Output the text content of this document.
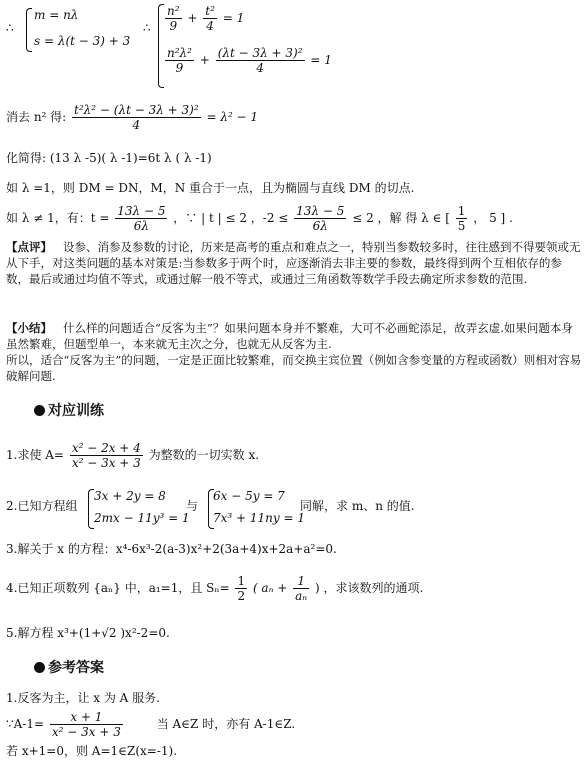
∴
m = nλ
s = λ(t − 3) + 3
∴ $\frac{\text{n²}}{9} + \frac{\text{t²}}{4} = 1$
$\frac{\text{n²λ²}}{9} + \frac{\text{(λt − 3λ + 3)²}}{4} = 1$
消去 n² 得: $\frac{\text{t²λ² − (λt − 3λ + 3)²}}{4} = \lambda^2 - 1$
化简得: (13 λ -5)( λ -1)=6t λ ( λ -1)
如 λ =1，则 DM = DN，M，N 重合于一点，且为椭圆与直线 DM 的切点.
如 λ ≠ 1，有：$t = \frac{13\lambda - 5}{6\lambda}$ ，∵ | t | ≤ 2 ，$-2 \le \frac{13\lambda - 5}{6\lambda} \le 2$ ，解 得 λ ∈ [ $\frac{1}{5}$ ， 5 ] .
【点评】 设参、消参及参数的讨论，历来是高考的重点和难点之一，特别当参数较多时，往往感到不得要领或无从下手，对这类问题的基本对策是:当参数多于两个时，应逐渐消去非主要的参数，最终得到两个互相依存的参数，最后或通过均值不等式，或通过解一般不等式，或通过三角函数等数学手段去确定所求参数的范围.
【小结】 什么样的问题适合“反客为主”？如果问题本身并不繁难，大可不必画蛇添足，故弄玄虚.如果问题本身虽然繁难，但题型单一，本来就无主次之分，也就无从反客为主.
所以，适合“反客为主”的问题，一定是正面比较繁难，而交换主宾位置（例如含参变量的方程或函数）则相对容易破解问题.
对应训练
1.求使 $A= \frac{\text{x² − 2x + 4}}{\text{x² − 3x + 3}}$ 为整数的一切实数 x.
2.已知方程组
3x + 2y = 8
2mx − 11y³ = 1
与
6x − 5y = 7
7x³ + 11ny = 1
同解，求 m、n 的值.
3.解关于 x 的方程：x⁴-6x³-2(a-3)x²+2(3a+4)x+2a+a²=0.
4.已知正项数列 {aₙ} 中，a₁=1，且 $S_n= \frac{1}{2}$ ( $a_n + \frac{1}{\text{aₙ}}$ ) ，求该数列的通项.
5.解方程 x³+(1+√2 )x²-2=0.
参考答案
1.反客为主，让 x 为 A 服务.
∵A-1= $\frac{x + 1}{\text{x² − 3x + 3}}$	当 A∈Z 时，亦有 A-1∈Z.
若 x+1=0，则 A=1∈Z(x=-1).
